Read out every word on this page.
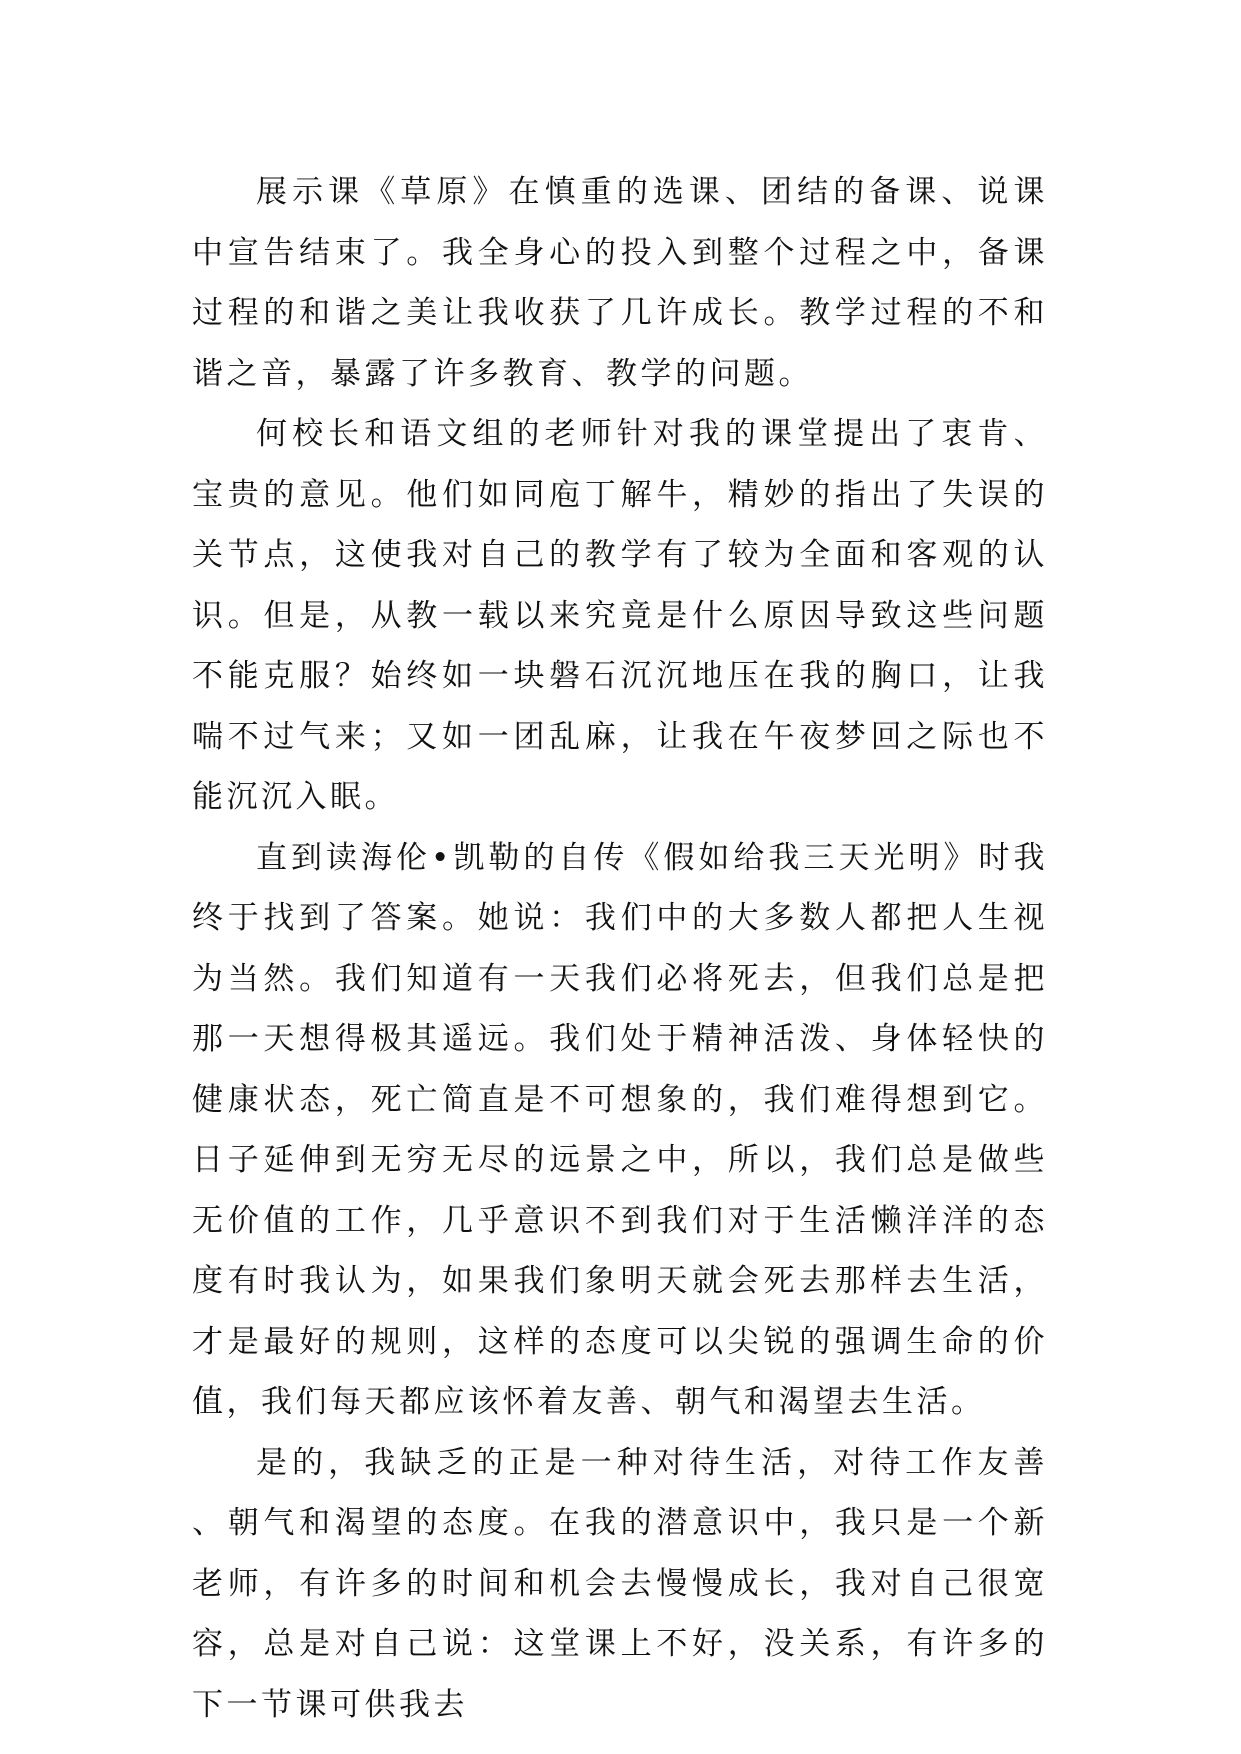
展示课《草原》在慎重的选课、团结的备课、说课中宣告结束了。我全身心的投入到整个过程之中，备课过程的和谐之美让我收获了几许成长。教学过程的不和谐之音，暴露了许多教育、教学的问题。

何校长和语文组的老师针对我的课堂提出了衷肯、宝贵的意见。他们如同庖丁解牛，精妙的指出了失误的关节点，这使我对自己的教学有了较为全面和客观的认识。但是，从教一载以来究竟是什么原因导致这些问题不能克服？始终如一块磐石沉沉地压在我的胸口，让我喘不过气来；又如一团乱麻，让我在午夜梦回之际也不能沉沉入眠。

直到读海伦•凯勒的自传《假如给我三天光明》时我终于找到了答案。她说：我们中的大多数人都把人生视为当然。我们知道有一天我们必将死去，但我们总是把那一天想得极其遥远。我们处于精神活泼、身体轻快的健康状态，死亡简直是不可想象的，我们难得想到它。日子延伸到无穷无尽的远景之中，所以，我们总是做些无价值的工作，几乎意识不到我们对于生活懒洋洋的态度有时我认为，如果我们象明天就会死去那样去生活，才是最好的规则，这样的态度可以尖锐的强调生命的价值，我们每天都应该怀着友善、朝气和渴望去生活。

是的，我缺乏的正是一种对待生活，对待工作友善、朝气和渴望的态度。在我的潜意识中，我只是一个新老师，有许多的时间和机会去慢慢成长，我对自己很宽容，总是对自己说：这堂课上不好，没关系，有许多的下一节课可供我去
